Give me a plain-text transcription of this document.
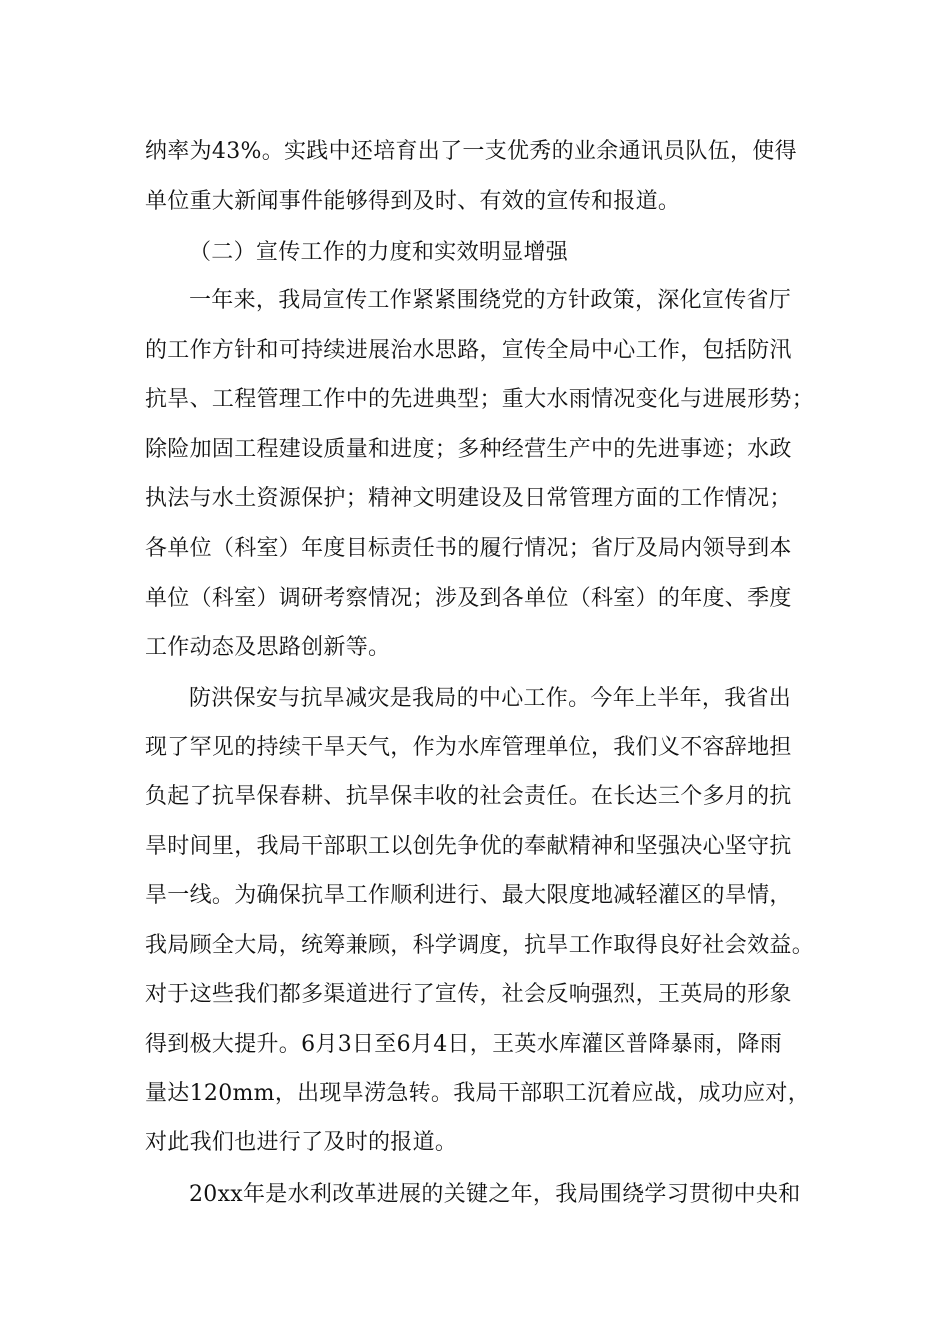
纳率为43%。实践中还培育出了一支优秀的业余通讯员队伍，使得
单位重大新闻事件能够得到及时、有效的宣传和报道。
（二）宣传工作的力度和实效明显增强
一年来，我局宣传工作紧紧围绕党的方针政策，深化宣传省厅
的工作方针和可持续进展治水思路，宣传全局中心工作，包括防汛
抗旱、工程管理工作中的先进典型；重大水雨情况变化与进展形势；
除险加固工程建设质量和进度；多种经营生产中的先进事迹；水政
执法与水土资源保护；精神文明建设及日常管理方面的工作情况；
各单位（科室）年度目标责任书的履行情况；省厅及局内领导到本
单位（科室）调研考察情况；涉及到各单位（科室）的年度、季度
工作动态及思路创新等。
防洪保安与抗旱减灾是我局的中心工作。今年上半年，我省出
现了罕见的持续干旱天气，作为水库管理单位，我们义不容辞地担
负起了抗旱保春耕、抗旱保丰收的社会责任。在长达三个多月的抗
旱时间里，我局干部职工以创先争优的奉献精神和坚强决心坚守抗
旱一线。为确保抗旱工作顺利进行、最大限度地减轻灌区的旱情，
我局顾全大局，统筹兼顾，科学调度，抗旱工作取得良好社会效益。
对于这些我们都多渠道进行了宣传，社会反响强烈，王英局的形象
得到极大提升。6月3日至6月4日，王英水库灌区普降暴雨，降雨
量达120mm，出现旱涝急转。我局干部职工沉着应战，成功应对，
对此我们也进行了及时的报道。
20xx年是水利改革进展的关键之年，我局围绕学习贯彻中央和
